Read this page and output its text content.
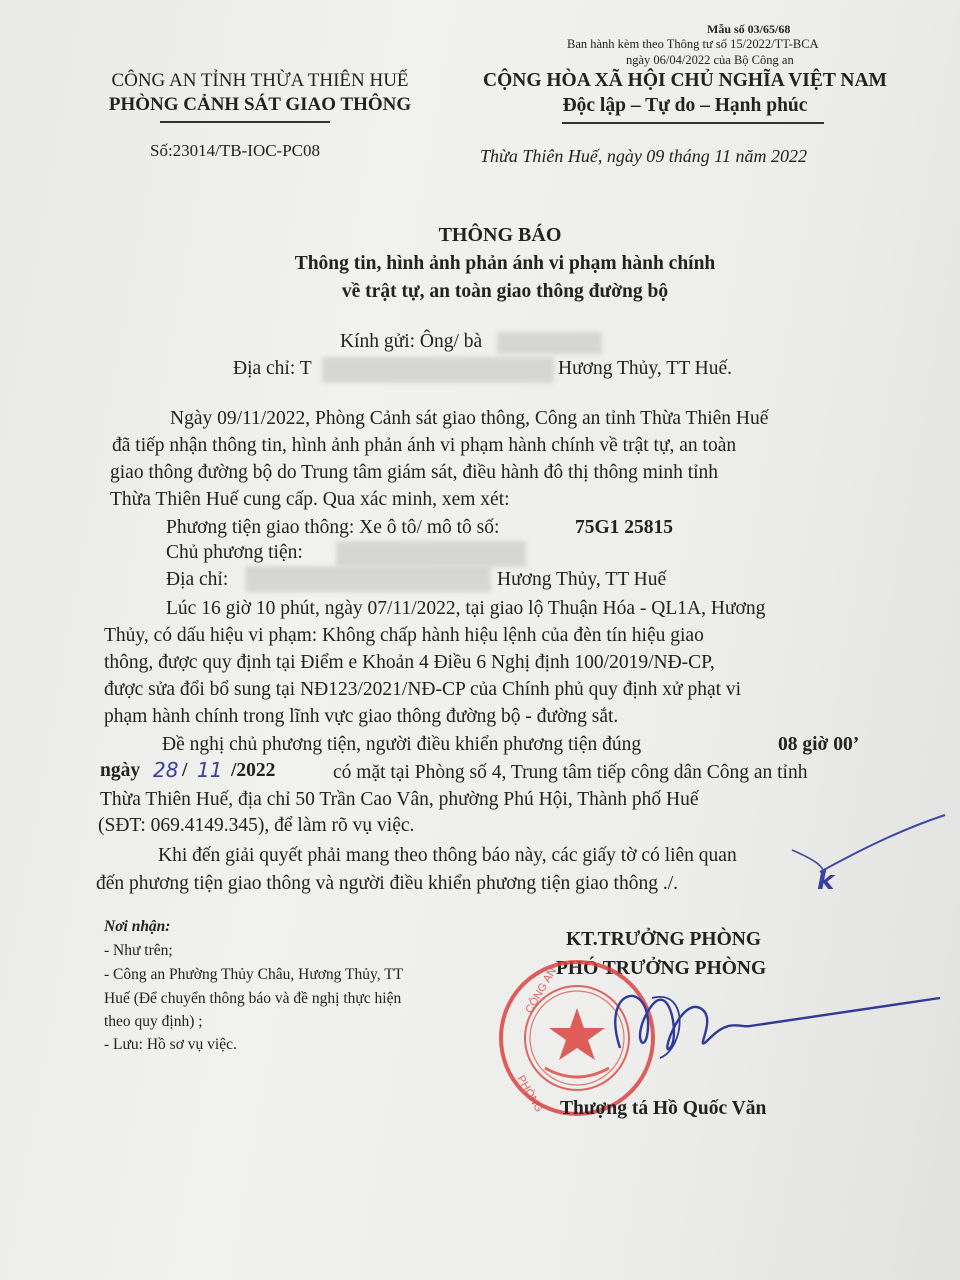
Mẫu số 03/65/68
Ban hành kèm theo Thông tư số 15/2022/TT-BCA
ngày 06/04/2022 của Bộ Công an
CÔNG AN TỈNH THỪA THIÊN HUẾ
PHÒNG CẢNH SÁT GIAO THÔNG
Số:23014/TB-IOC-PC08
CỘNG HÒA XÃ HỘI CHỦ NGHĨA VIỆT NAM
Độc lập – Tự do – Hạnh phúc
Thừa Thiên Huế, ngày 09 tháng 11 năm 2022
THÔNG BÁO
Thông tin, hình ảnh phản ánh vi phạm hành chính
về trật tự, an toàn giao thông đường bộ
Kính gửi: Ông/ bà
Địa chỉ: T	Hương Thủy, TT Huế.
Ngày 09/11/2022, Phòng Cảnh sát giao thông, Công an tỉnh Thừa Thiên Huế
đã tiếp nhận thông tin, hình ảnh phản ánh vi phạm hành chính về trật tự, an toàn
giao thông đường bộ do Trung tâm giám sát, điều hành đô thị thông minh tỉnh
Thừa Thiên Huế cung cấp. Qua xác minh, xem xét:
Phương tiện giao thông: Xe ô tô/ mô tô số:	75G1 25815
Chủ phương tiện:
Địa chỉ:	Hương Thủy, TT Huế
Lúc 16 giờ 10 phút, ngày 07/11/2022, tại giao lộ Thuận Hóa - QL1A, Hương
Thủy, có dấu hiệu vi phạm: Không chấp hành hiệu lệnh của đèn tín hiệu giao
thông, được quy định tại Điểm e Khoản 4 Điều 6 Nghị định 100/2019/NĐ-CP,
được sửa đổi bổ sung tại NĐ123/2021/NĐ-CP của Chính phủ quy định xử phạt vi
phạm hành chính trong lĩnh vực giao thông đường bộ - đường sắt.
Đề nghị chủ phương tiện, người điều khiển phương tiện đúng	08 giờ 00’
ngày 28 / 11 /2022	có mặt tại Phòng số 4, Trung tâm tiếp công dân Công an tỉnh
Thừa Thiên Huế, địa chỉ 50 Trần Cao Vân, phường Phú Hội, Thành phố Huế
(SĐT: 069.4149.345), để làm rõ vụ việc.
Khi đến giải quyết phải mang theo thông báo này, các giấy tờ có liên quan
đến phương tiện giao thông và người điều khiển phương tiện giao thông ./.	k
Nơi nhận:
- Như trên;
- Công an Phường Thủy Châu, Hương Thủy, TT
Huế (Để chuyển thông báo và đề nghị thực hiện
theo quy định) ;
- Lưu: Hồ sơ vụ việc.
KT.TRƯỞNG PHÒNG
PHÓ TRƯỞNG PHÒNG
CÔNG AN
PHÒNG Thượng tá Hồ Quốc Văn
